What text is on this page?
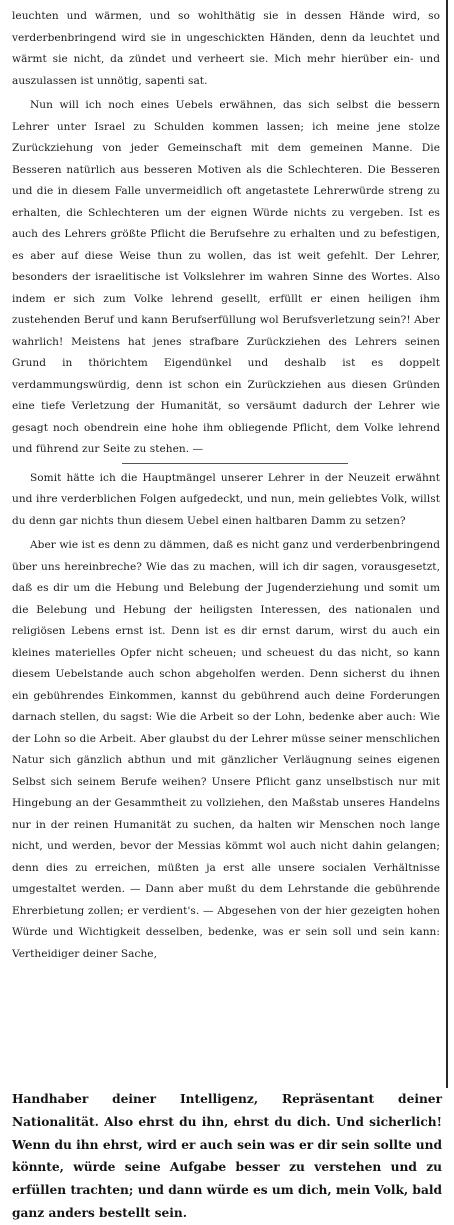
leuchten und wärmen, und so wohlthätig sie in dessen Hände wird, so verderbenbringend wird sie in ungeschickten Händen, denn da leuchtet und wärmt sie nicht, da zündet und verheert sie. Mich mehr hierüber ein- und auszulassen ist unnötig, sapenti sat.

Nun will ich noch eines Uebels erwähnen, das sich selbst die bessern Lehrer unter Israel zu Schulden kommen lassen; ich meine jene stolze Zurückziehung von jeder Gemeinschaft mit dem gemeinen Manne. Die Besseren natürlich aus besseren Motiven als die Schlechteren. Die Besseren und die in diesem Falle unvermeidlich oft angetastete Lehrerwürde streng zu erhalten, die Schlechteren um der eignen Würde nichts zu vergeben. Ist es auch des Lehrers größte Pflicht die Berufsehre zu erhalten und zu befestigen, es aber auf diese Weise thun zu wollen, das ist weit gefehlt. Der Lehrer, besonders der israelitische ist Volkslehrer im wahren Sinne des Wortes. Also indem er sich zum Volke lehrend gesellt, erfüllt er einen heiligen ihm zustehenden Beruf und kann Berufserfüllung wol Berufsverletzung sein?! Aber wahrlich! Meistens hat jenes strafbare Zurückziehen des Lehrers seinen Grund in thörichtem Eigendünkel und deshalb ist es doppelt verdammungswürdig, denn ist schon ein Zurückziehen aus diesen Gründen eine tiefe Verletzung der Humanität, so versäumt dadurch der Lehrer wie gesagt noch obendrein eine hohe ihm obliegende Pflicht, dem Volke lehrend und führend zur Seite zu stehen. —

Somit hätte ich die Hauptmängel unserer Lehrer in der Neuzeit erwähnt und ihre verderblichen Folgen aufgedeckt, und nun, mein geliebtes Volk, willst du denn gar nichts thun diesem Uebel einen haltbaren Damm zu setzen?

Aber wie ist es denn zu dämmen, daß es nicht ganz und verderbenbringend über uns hereinbreche? Wie das zu machen, will ich dir sagen, vorausgesetzt, daß es dir um die Hebung und Belebung der Jugenderziehung und somit um die Belebung und Hebung der heiligsten Interessen, des nationalen und religiösen Lebens ernst ist. Denn ist es dir ernst darum, wirst du auch ein kleines materielles Opfer nicht scheuen; und scheuest du das nicht, so kann diesem Uebelstande auch schon abgeholfen werden. Denn sicherst du ihnen ein gebührendes Einkommen, kannst du gebührend auch deine Forderungen darnach stellen, du sagst: Wie die Arbeit so der Lohn, bedenke aber auch: Wie der Lohn so die Arbeit. Aber glaubst du der Lehrer müsse seiner menschlichen Natur sich gänzlich abthun und mit gänzlicher Verläugnung seines eigenen Selbst sich seinem Berufe weihen? Unsere Pflicht ganz unselbstisch nur mit Hingebung an der Gesammtheit zu vollziehen, den Maßstab unseres Handelns nur in der reinen Humanität zu suchen, da halten wir Menschen noch lange nicht, und werden, bevor der Messias kömmt wol auch nicht dahin gelangen; denn dies zu erreichen, müßten ja erst alle unsere socialen Verhältnisse umgestaltet werden. — Dann aber mußt du dem Lehrstande die gebührende Ehrerbietung zollen; er verdient's. — Abgesehen von der hier gezeigten hohen Würde und Wichtigkeit desselben, bedenke, was er sein soll und sein kann: Vertheidiger deiner Sache,

Handhaber deiner Intelligenz, Repräsentant deiner Nationalität. Also ehrst du ihn, ehrst du dich. Und sicherlich! Wenn du ihn ehrst, wird er auch sein was er dir sein sollte und könnte, würde seine Aufgabe besser zu verstehen und zu erfüllen trachten; und dann würde es um dich, mein Volk, bald ganz anders bestellt sein.
